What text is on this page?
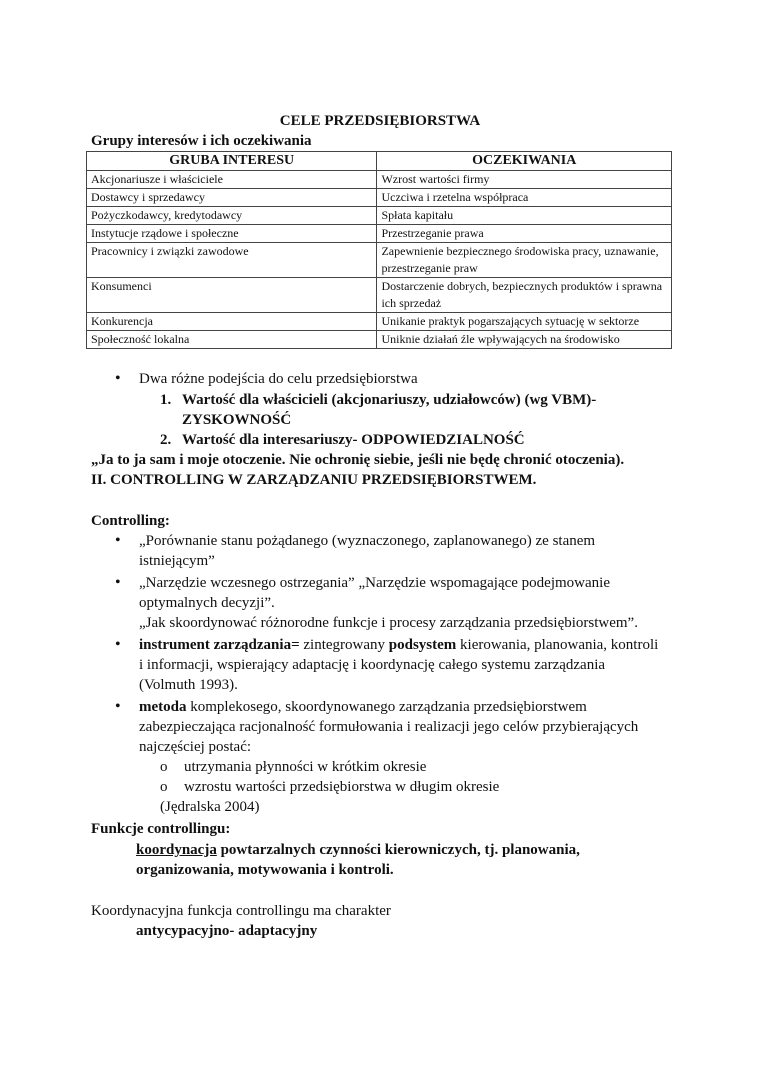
CELE PRZEDSIĘBIORSTWA
Grupy interesów i ich oczekiwania
GRUBA INTERESU	OCZEKIWANIA
Akcjonariusze i właściciele	Wzrost wartości firmy
Dostawcy i sprzedawcy	Uczciwa i rzetelna współpraca
Pożyczkodawcy, kredytodawcy	Spłata kapitału
Instytucje rządowe i społeczne	Przestrzeganie prawa
Pracownicy i związki zawodowe	Zapewnienie bezpiecznego środowiska pracy, uznawanie, przestrzeganie praw
Konsumenci	Dostarczenie dobrych, bezpiecznych produktów i sprawna ich sprzedaż
Konkurencja	Unikanie praktyk pogarszających sytuację w sektorze
Społeczność lokalna	Uniknie działań źle wpływających na środowisko
• Dwa różne podejścia do celu przedsiębiorstwa
1. Wartość dla właścicieli (akcjonariuszy, udziałowców) (wg VBM)-
ZYSKOWNOŚĆ
2. Wartość dla interesariuszy- ODPOWIEDZIALNOŚĆ
„Ja to ja sam i moje otoczenie. Nie ochronię siebie, jeśli nie będę chronić otoczenia).
II. CONTROLLING W ZARZĄDZANIU PRZEDSIĘBIORSTWEM.
Controlling:
• „Porównanie stanu pożądanego (wyznaczonego, zaplanowanego) ze stanem
istniejącym”
• „Narzędzie wczesnego ostrzegania” „Narzędzie wspomagające podejmowanie
optymalnych decyzji”.
„Jak skoordynować różnorodne funkcje i procesy zarządzania przedsiębiorstwem”.
• instrument zarządzania= zintegrowany podsystem kierowania, planowania, kontroli
i informacji, wspierający adaptację i koordynację całego systemu zarządzania
(Volmuth 1993).
• metoda komplekosego, skoordynowanego zarządzania przedsiębiorstwem
zabezpieczająca racjonalność formułowania i realizacji jego celów przybierających
najczęściej postać:
o utrzymania płynności w krótkim okresie
o wzrostu wartości przedsiębiorstwa w długim okresie
(Jędralska 2004)
Funkcje controllingu:
koordynacja powtarzalnych czynności kierowniczych, tj. planowania,
organizowania, motywowania i kontroli.
Koordynacyjna funkcja controllingu ma charakter
antycypacyjno- adaptacyjny
